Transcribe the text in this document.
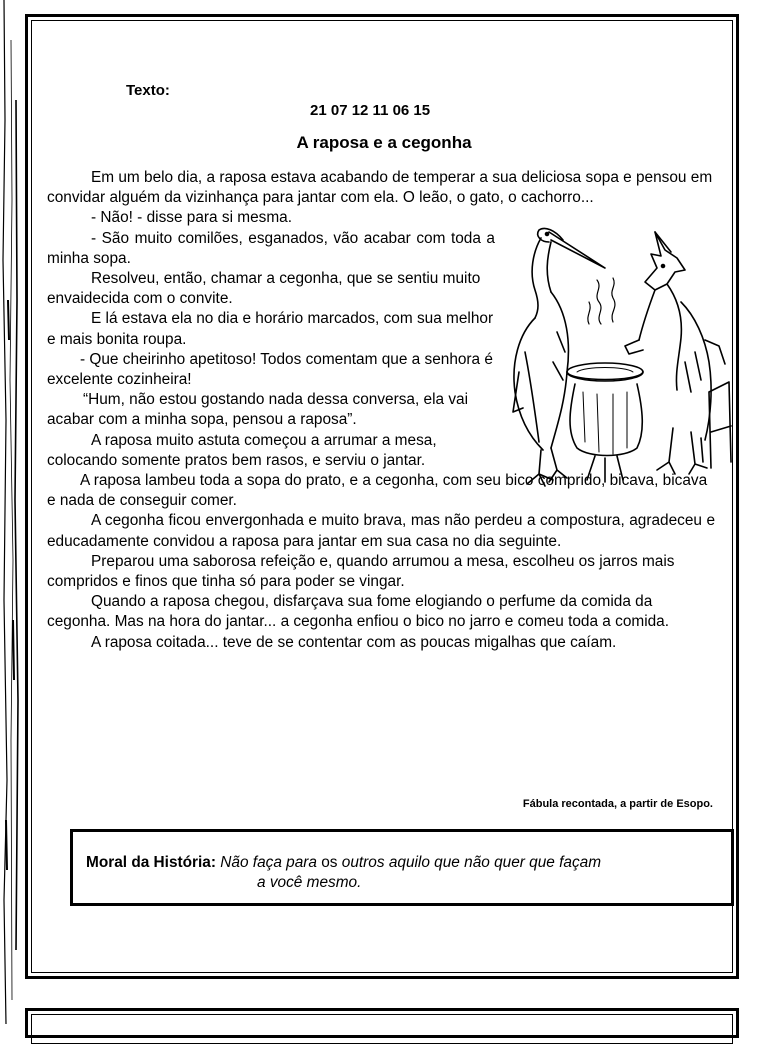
Texto:
21 07 12 11 06 15
A raposa e a cegonha

Em um belo dia, a raposa estava acabando de temperar a sua deliciosa sopa e pensou em convidar alguém da vizinhança para jantar com ela. O leão, o gato, o cachorro...

- Não! - disse para si mesma.

- São muito comilões, esganados, vão acabar com toda a minha sopa.

Resolveu, então, chamar a cegonha, que se sentiu muito envaidecida com o convite.

E lá estava ela no dia e horário marcados, com sua melhor e mais bonita roupa.

- Que cheirinho apetitoso! Todos comentam que a senhora é excelente cozinheira!

“Hum, não estou gostando nada dessa conversa, ela vai acabar com a minha sopa, pensou a raposa”.

A raposa muito astuta começou a arrumar a mesa, colocando somente pratos bem rasos, e serviu o jantar.

A raposa lambeu toda a sopa do prato, e a cegonha, com seu bico comprido, bicava, bicava e nada de conseguir comer.

A cegonha ficou envergonhada e muito brava, mas não perdeu a compostura, agradeceu e educadamente convidou a raposa para jantar em sua casa no dia seguinte.

Preparou uma saborosa refeição e, quando arrumou a mesa, escolheu os jarros mais compridos e finos que tinha só para poder se vingar.

Quando a raposa chegou, disfarçava sua fome elogiando o perfume da comida da cegonha. Mas na hora do jantar... a cegonha enfiou o bico no jarro e comeu toda a comida.

A raposa coitada... teve de se contentar com as poucas migalhas que caíam.

Fábula recontada, a partir de Esopo.
Moral da História: Não faça para os outros aquilo que não quer que façam
a você mesmo.
